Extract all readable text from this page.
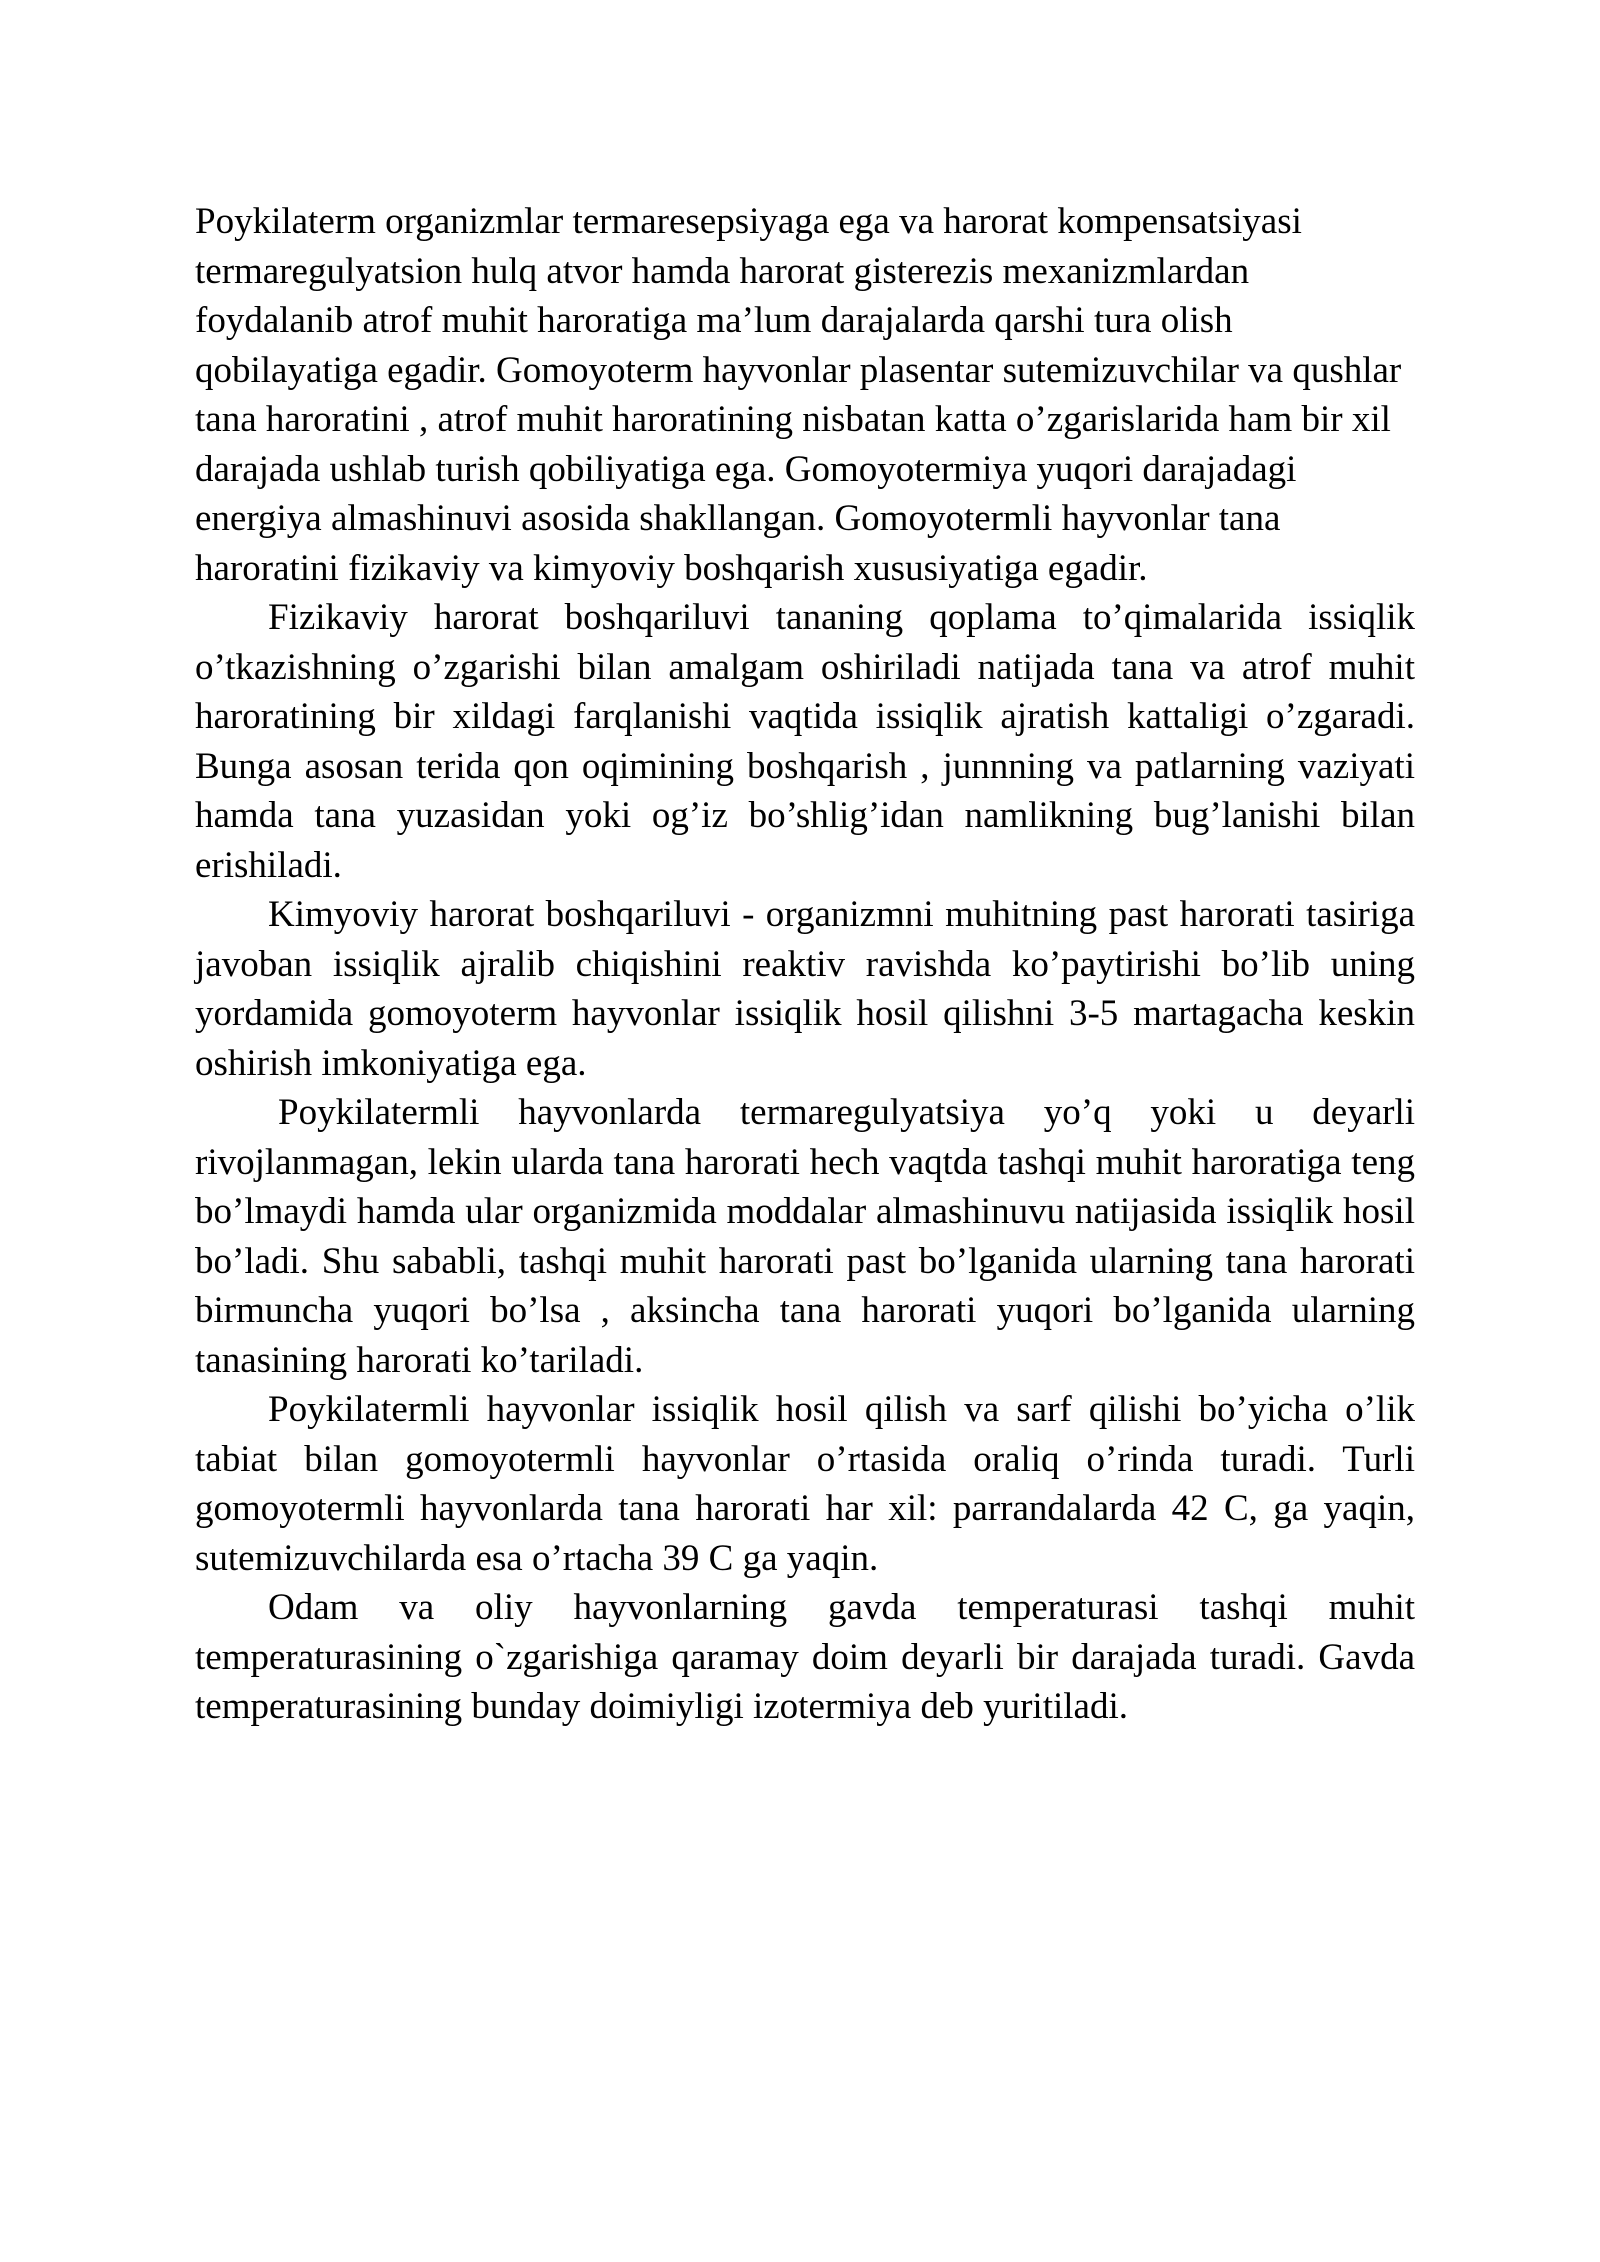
Poykilaterm organizmlar termaresepsiyaga ega va harorat kompensatsiyasi termaregulyatsion hulq atvor hamda harorat gisterezis mexanizmlardan foydalanib atrof muhit haroratiga ma’lum darajalarda qarshi tura olish qobilayatiga egadir. Gomoyoterm hayvonlar plasentar sutemizuvchilar va qushlar tana haroratini , atrof muhit haroratining nisbatan katta o’zgarislarida ham bir xil darajada ushlab turish qobiliyatiga ega. Gomoyotermiya yuqori darajadagi energiya almashinuvi asosida shakllangan. Gomoyotermli hayvonlar tana haroratini fizikaviy va kimyoviy boshqarish xususiyatiga egadir.

Fizikaviy harorat boshqariluvi tananing qoplama to’qimalarida issiqlik o’tkazishning o’zgarishi bilan amalgam oshiriladi natijada tana va atrof muhit haroratining bir xildagi farqlanishi vaqtida issiqlik ajratish kattaligi o’zgaradi. Bunga asosan terida qon oqimining boshqarish , junnning va patlarning vaziyati hamda tana yuzasidan yoki og’iz bo’shlig’idan namlikning bug’lanishi bilan erishiladi.

Kimyoviy harorat boshqariluvi - organizmni muhitning past harorati tasiriga javoban issiqlik ajralib chiqishini reaktiv ravishda ko’paytirishi bo’lib uning yordamida gomoyoterm hayvonlar issiqlik hosil qilishni 3-5 martagacha keskin oshirish imkoniyatiga ega.

Poykilatermli hayvonlarda termaregulyatsiya yo’q yoki u deyarli rivojlanmagan, lekin ularda tana harorati hech vaqtda tashqi muhit haroratiga teng bo’lmaydi hamda ular organizmida moddalar almashinuvu natijasida issiqlik hosil bo’ladi. Shu sababli, tashqi muhit harorati past bo’lganida ularning tana harorati birmuncha yuqori bo’lsa , aksincha tana harorati yuqori bo’lganida ularning tanasining harorati ko’tariladi.

Poykilatermli hayvonlar issiqlik hosil qilish va sarf qilishi bo’yicha o’lik tabiat bilan gomoyotermli hayvonlar o’rtasida oraliq o’rinda turadi. Turli gomoyotermli hayvonlarda tana harorati har xil: parrandalarda 42 C, ga yaqin, sutemizuvchilarda esa o’rtacha 39 C ga yaqin.

Odam va oliy hayvonlarning gavda temperaturasi tashqi muhit temperaturasining o`zgarishiga qaramay doim deyarli bir darajada turadi. Gavda temperaturasining bunday doimiyligi izotermiya deb yuritiladi.
